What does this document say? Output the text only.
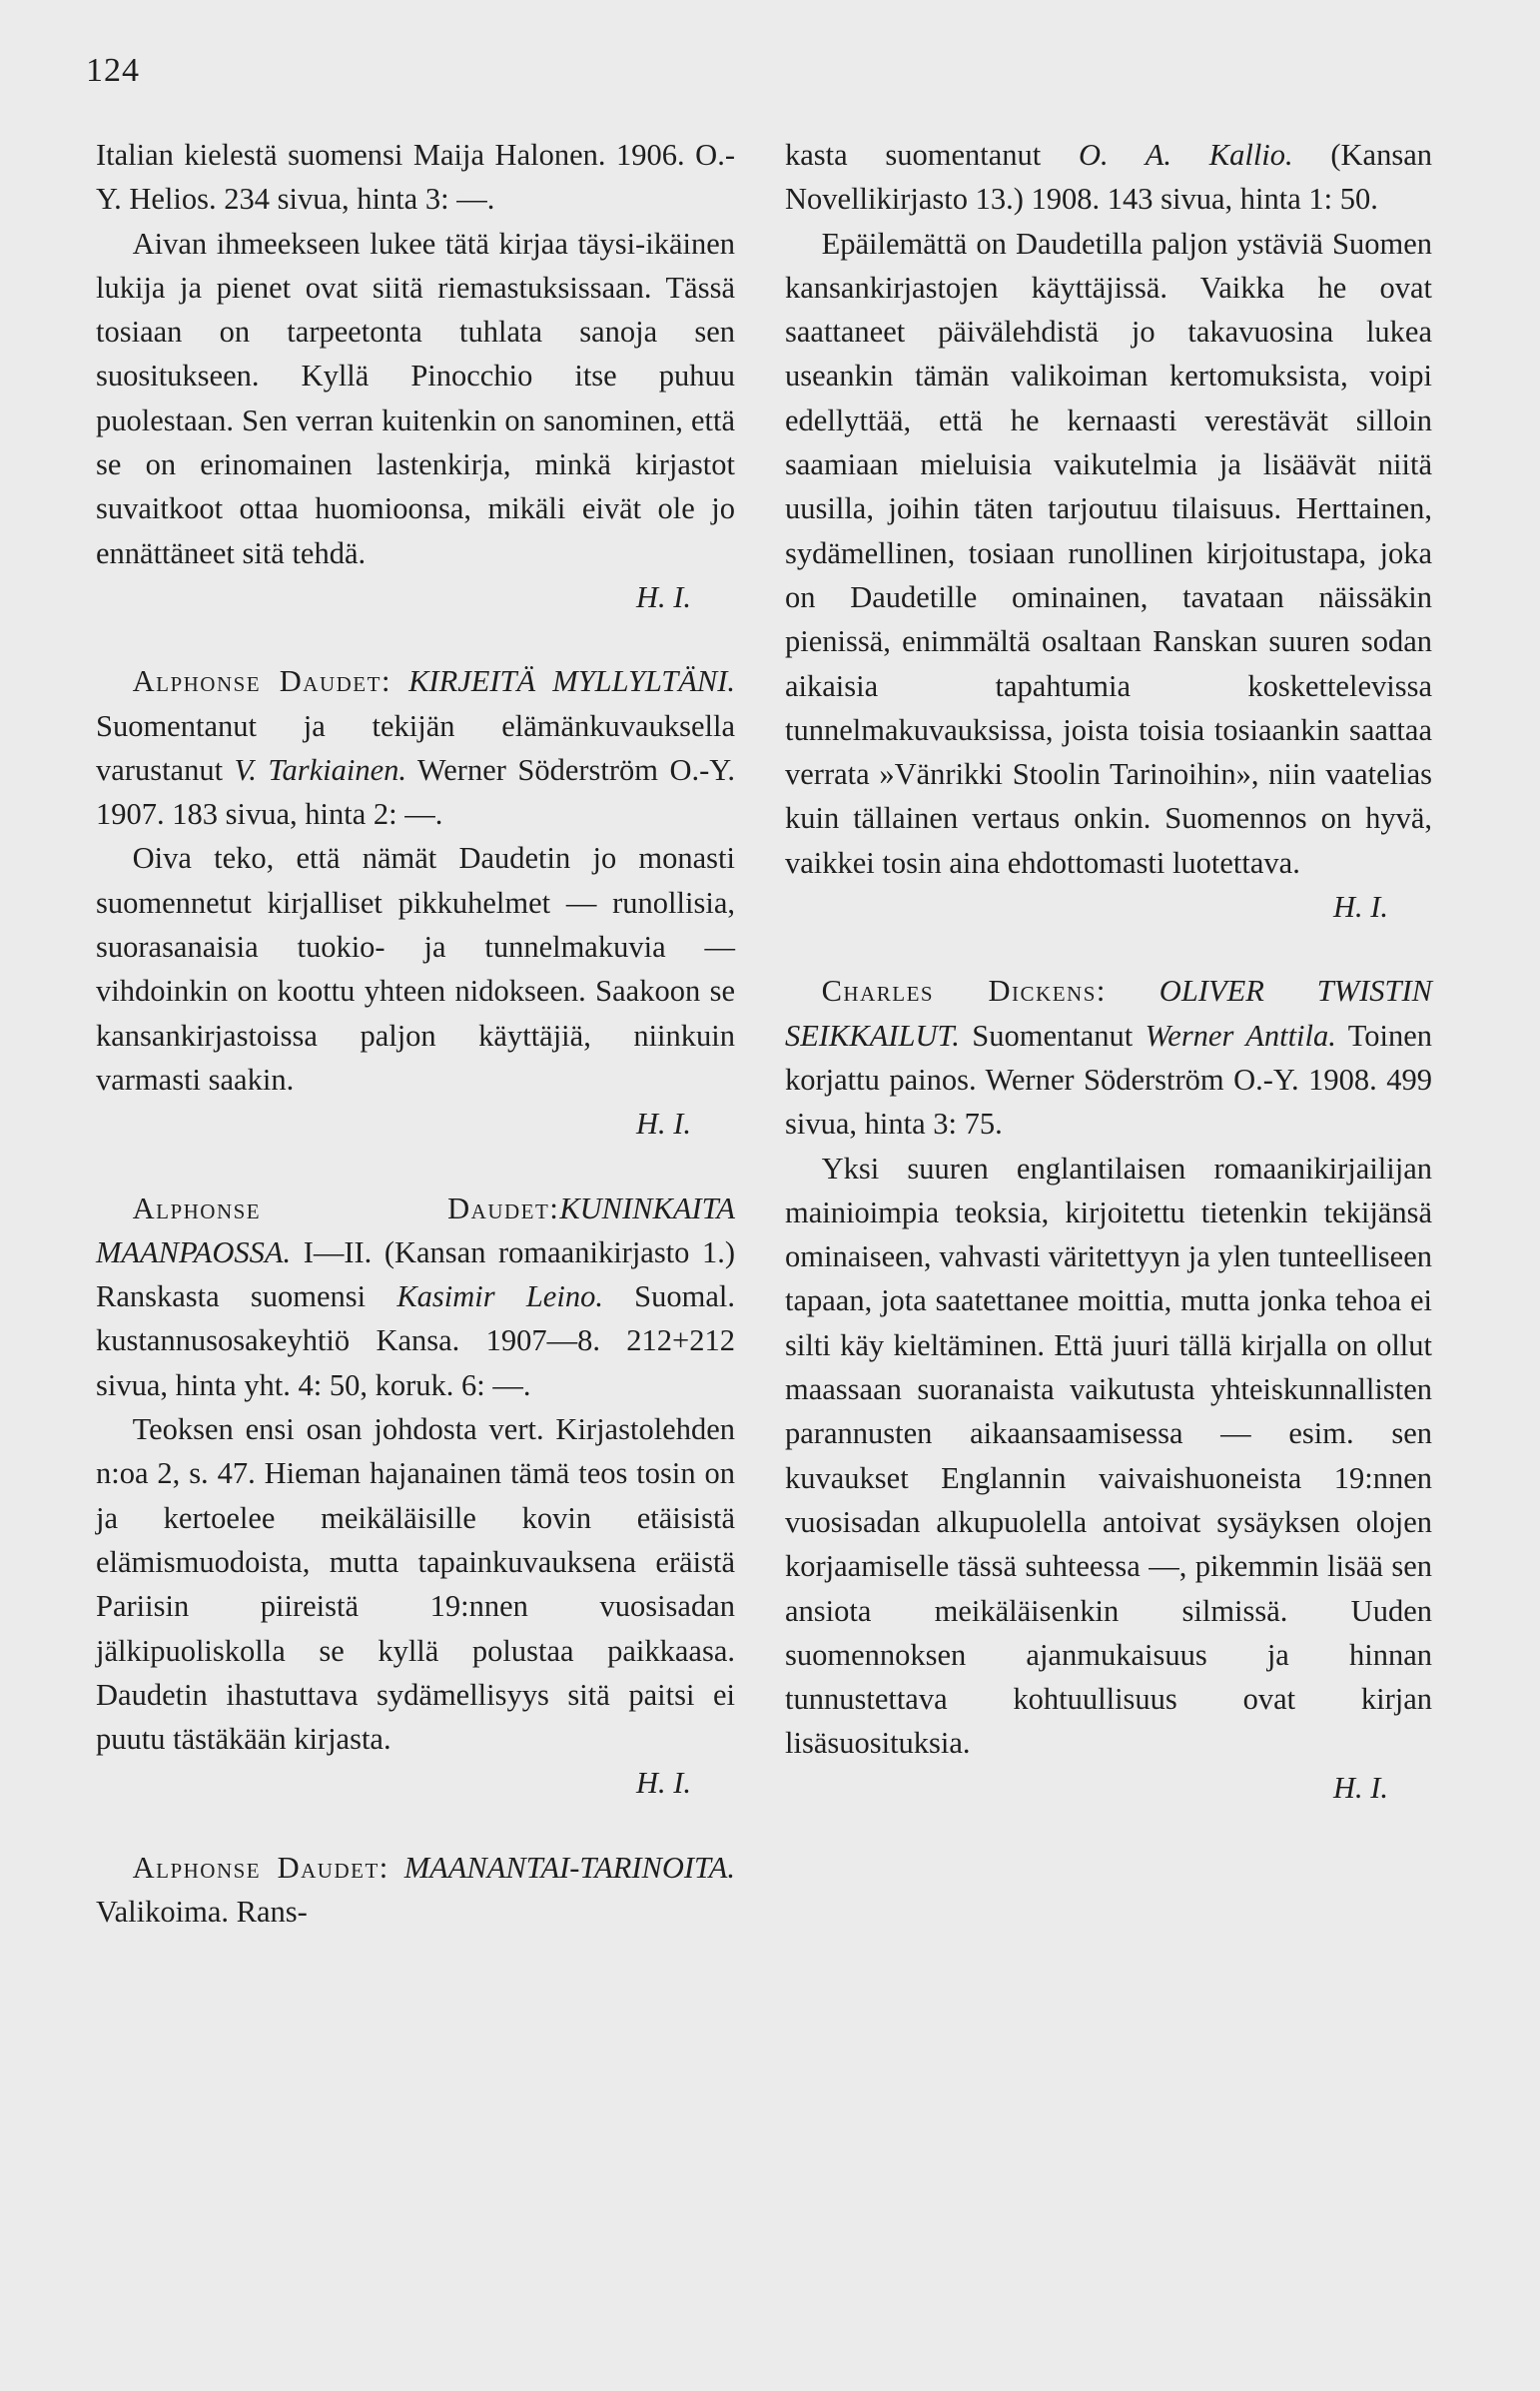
124

Italian kielestä suomensi Maija Halonen. 1906. O.-Y. Helios. 234 sivua, hinta 3: —.

Aivan ihmeekseen lukee tätä kirjaa täysi-ikäinen lukija ja pienet ovat siitä riemastuksissaan. Tässä tosiaan on tarpeetonta tuhlata sanoja sen suositukseen. Kyllä Pinocchio itse puhuu puolestaan. Sen verran kuitenkin on sanominen, että se on erinomainen lastenkirja, minkä kirjastot suvaitkoot ottaa huomioonsa, mikäli eivät ole jo ennättäneet sitä tehdä.

H. I.

Alphonse Daudet: KIRJEITÄ MYLLYLTÄNI. Suomentanut ja tekijän elämänkuvauksella varustanut V. Tarkiainen. Werner Söderström O.-Y. 1907. 183 sivua, hinta 2: —.

Oiva teko, että nämät Daudetin jo monasti suomennetut kirjalliset pikkuhelmet — runollisia, suorasanaisia tuokio- ja tunnelmakuvia — vihdoinkin on koottu yhteen nidokseen. Saakoon se kansankirjastoissa paljon käyttäjiä, niinkuin varmasti saakin.

H. I.

Alphonse Daudet:KUNINKAITA MAANPAOSSA. I—II. (Kansan romaanikirjasto 1.) Ranskasta suomensi Kasimir Leino. Suomal. kustannusosakeyhtiö Kansa. 1907—8. 212+212 sivua, hinta yht. 4: 50, koruk. 6: —.

Teoksen ensi osan johdosta vert. Kirjastolehden n:oa 2, s. 47. Hieman hajanainen tämä teos tosin on ja kertoelee meikäläisille kovin etäisistä elämismuodoista, mutta tapainkuvauksena eräistä Pariisin piireistä 19:nnen vuosisadan jälkipuoliskolla se kyllä polustaa paikkaasa. Daudetin ihastuttava sydämellisyys sitä paitsi ei puutu tästäkään kirjasta.

H. I.

Alphonse Daudet: MAANANTAI-TARINOITA. Valikoima. Rans-

kasta suomentanut O. A. Kallio. (Kansan Novellikirjasto 13.) 1908. 143 sivua, hinta 1: 50.

Epäilemättä on Daudetilla paljon ystäviä Suomen kansankirjastojen käyttäjissä. Vaikka he ovat saattaneet päivälehdistä jo takavuosina lukea useankin tämän valikoiman kertomuksista, voipi edellyttää, että he kernaasti verestävät silloin saamiaan mieluisia vaikutelmia ja lisäävät niitä uusilla, joihin täten tarjoutuu tilaisuus. Herttainen, sydämellinen, tosiaan runollinen kirjoitustapa, joka on Daudetille ominainen, tavataan näissäkin pienissä, enimmältä osaltaan Ranskan suuren sodan aikaisia tapahtumia koskettelevissa tunnelmakuvauksissa, joista toisia tosiaankin saattaa verrata »Vänrikki Stoolin Tarinoihin», niin vaatelias kuin tällainen vertaus onkin. Suomennos on hyvä, vaikkei tosin aina ehdottomasti luotettava.

H. I.

Charles Dickens: OLIVER TWISTIN SEIKKAILUT. Suomentanut Werner Anttila. Toinen korjattu painos. Werner Söderström O.-Y. 1908. 499 sivua, hinta 3: 75.

Yksi suuren englantilaisen romaanikirjailijan mainioimpia teoksia, kirjoitettu tietenkin tekijänsä ominaiseen, vahvasti väritettyyn ja ylen tunteelliseen tapaan, jota saatettanee moittia, mutta jonka tehoa ei silti käy kieltäminen. Että juuri tällä kirjalla on ollut maassaan suoranaista vaikutusta yhteiskunnallisten parannusten aikaansaamisessa — esim. sen kuvaukset Englannin vaivaishuoneista 19:nnen vuosisadan alkupuolella antoivat sysäyksen olojen korjaamiselle tässä suhteessa —, pikemmin lisää sen ansiota meikäläisenkin silmissä. Uuden suomennoksen ajanmukaisuus ja hinnan tunnustettava kohtuullisuus ovat kirjan lisäsuosituksia.

H. I.
